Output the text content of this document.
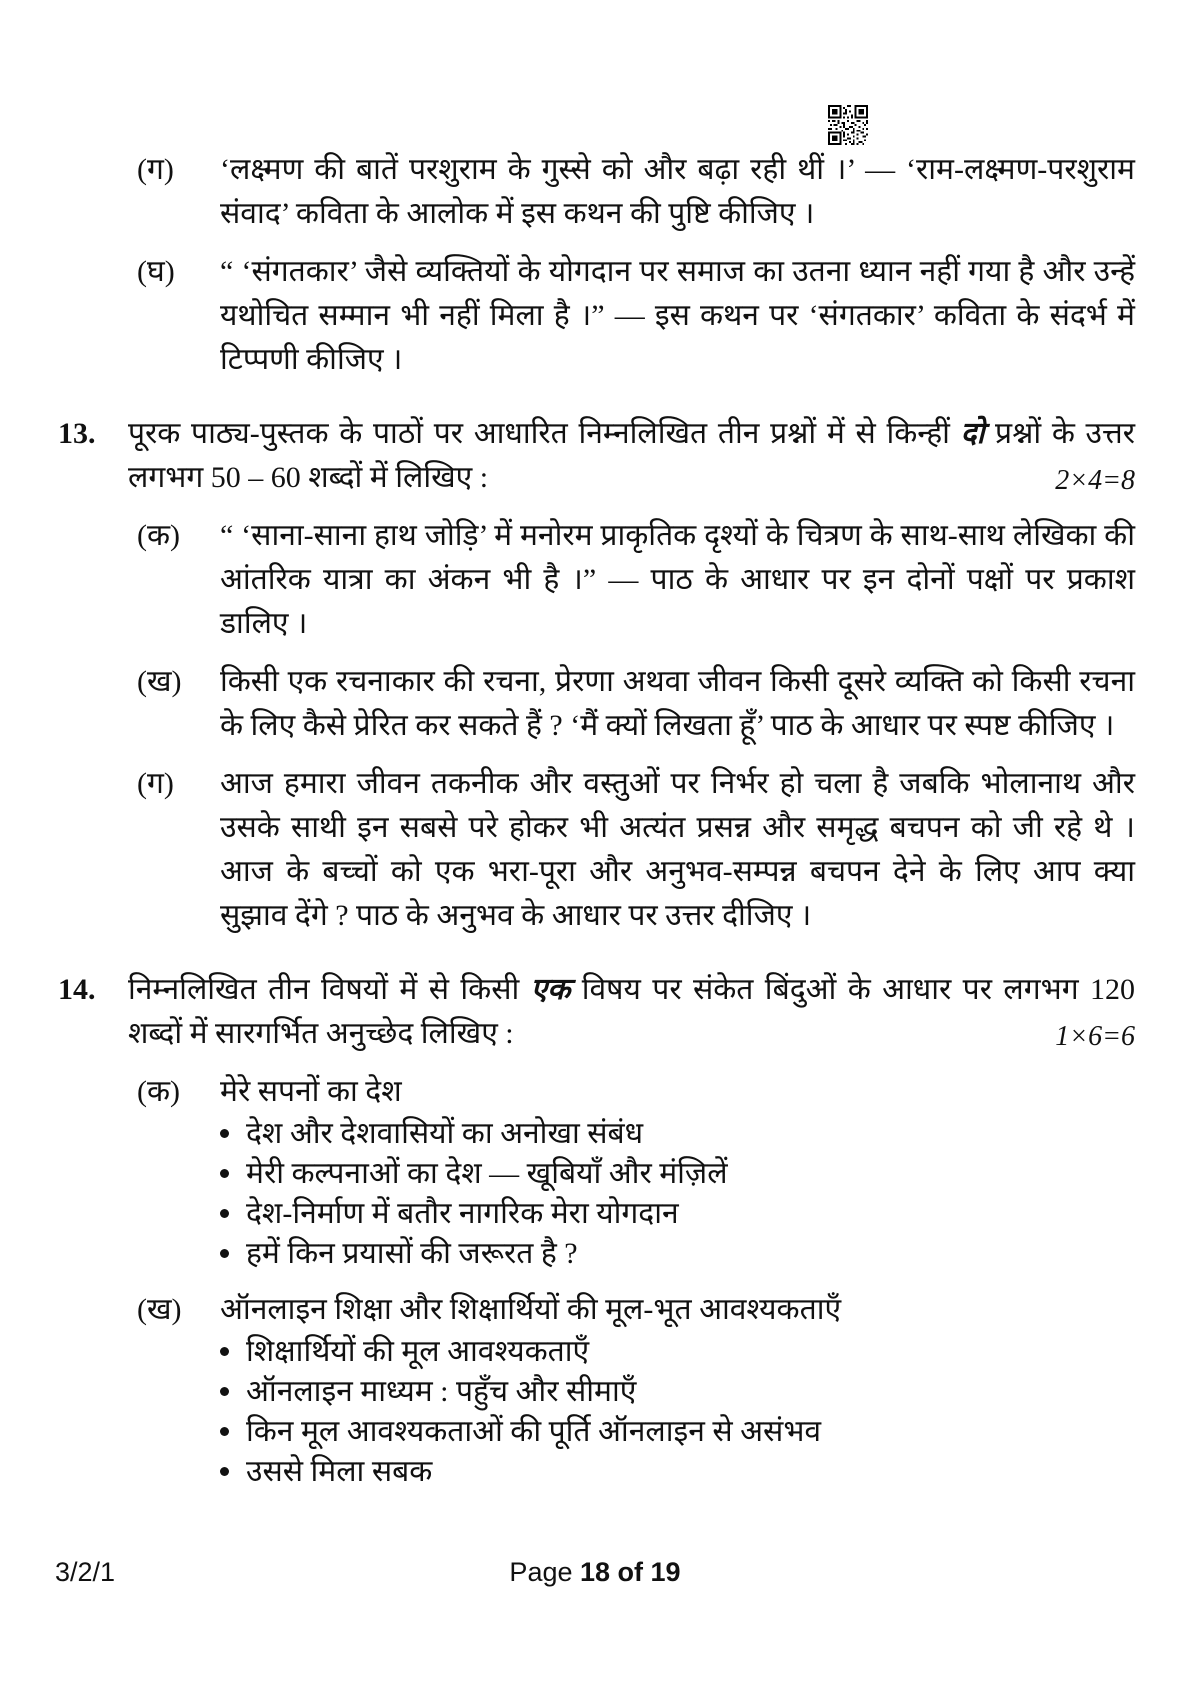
(ग)	‘लक्ष्मण की बातें परशुराम के गुस्से को और बढ़ा रही थीं ।’ — ‘राम-लक्ष्मण-परशुराम संवाद’ कविता के आलोक में इस कथन की पुष्टि कीजिए ।
(घ)	“ ‘संगतकार’ जैसे व्यक्तियों के योगदान पर समाज का उतना ध्यान नहीं गया है और उन्हें यथोचित सम्मान भी नहीं मिला है ।” — इस कथन पर ‘संगतकार’ कविता के संदर्भ में टिप्पणी कीजिए ।
13.	पूरक पाठ्य-पुस्तक के पाठों पर आधारित निम्नलिखित तीन प्रश्नों में से किन्हीं दो प्रश्नों के उत्तर लगभग 50 – 60 शब्दों में लिखिए :	2×4=8
(क)	“ ‘साना-साना हाथ जोड़ि’ में मनोरम प्राकृतिक दृश्यों के चित्रण के साथ-साथ लेखिका की आंतरिक यात्रा का अंकन भी है ।” — पाठ के आधार पर इन दोनों पक्षों पर प्रकाश डालिए ।
(ख)	किसी एक रचनाकार की रचना, प्रेरणा अथवा जीवन किसी दूसरे व्यक्ति को किसी रचना के लिए कैसे प्रेरित कर सकते हैं ? ‘मैं क्यों लिखता हूँ’ पाठ के आधार पर स्पष्ट कीजिए ।
(ग)	आज हमारा जीवन तकनीक और वस्तुओं पर निर्भर हो चला है जबकि भोलानाथ और उसके साथी इन सबसे परे होकर भी अत्यंत प्रसन्न और समृद्ध बचपन को जी रहे थे । आज के बच्चों को एक भरा-पूरा और अनुभव-सम्पन्न बचपन देने के लिए आप क्या सुझाव देंगे ? पाठ के अनुभव के आधार पर उत्तर दीजिए ।
14.	निम्नलिखित तीन विषयों में से किसी एक विषय पर संकेत बिंदुओं के आधार पर लगभग 120 शब्दों में सारगर्भित अनुच्छेद लिखिए :	1×6=6
(क)	मेरे सपनों का देश
देश और देशवासियों का अनोखा संबंध
मेरी कल्पनाओं का देश — खूबियाँ और मंज़िलें
देश-निर्माण में बतौर नागरिक मेरा योगदान
हमें किन प्रयासों की जरूरत है ?
(ख)	ऑनलाइन शिक्षा और शिक्षार्थियों की मूल-भूत आवश्यकताएँ
शिक्षार्थियों की मूल आवश्यकताएँ
ऑनलाइन माध्यम : पहुँच और सीमाएँ
किन मूल आवश्यकताओं की पूर्ति ऑनलाइन से असंभव
उससे मिला सबक
3/2/1	Page 18 of 19
